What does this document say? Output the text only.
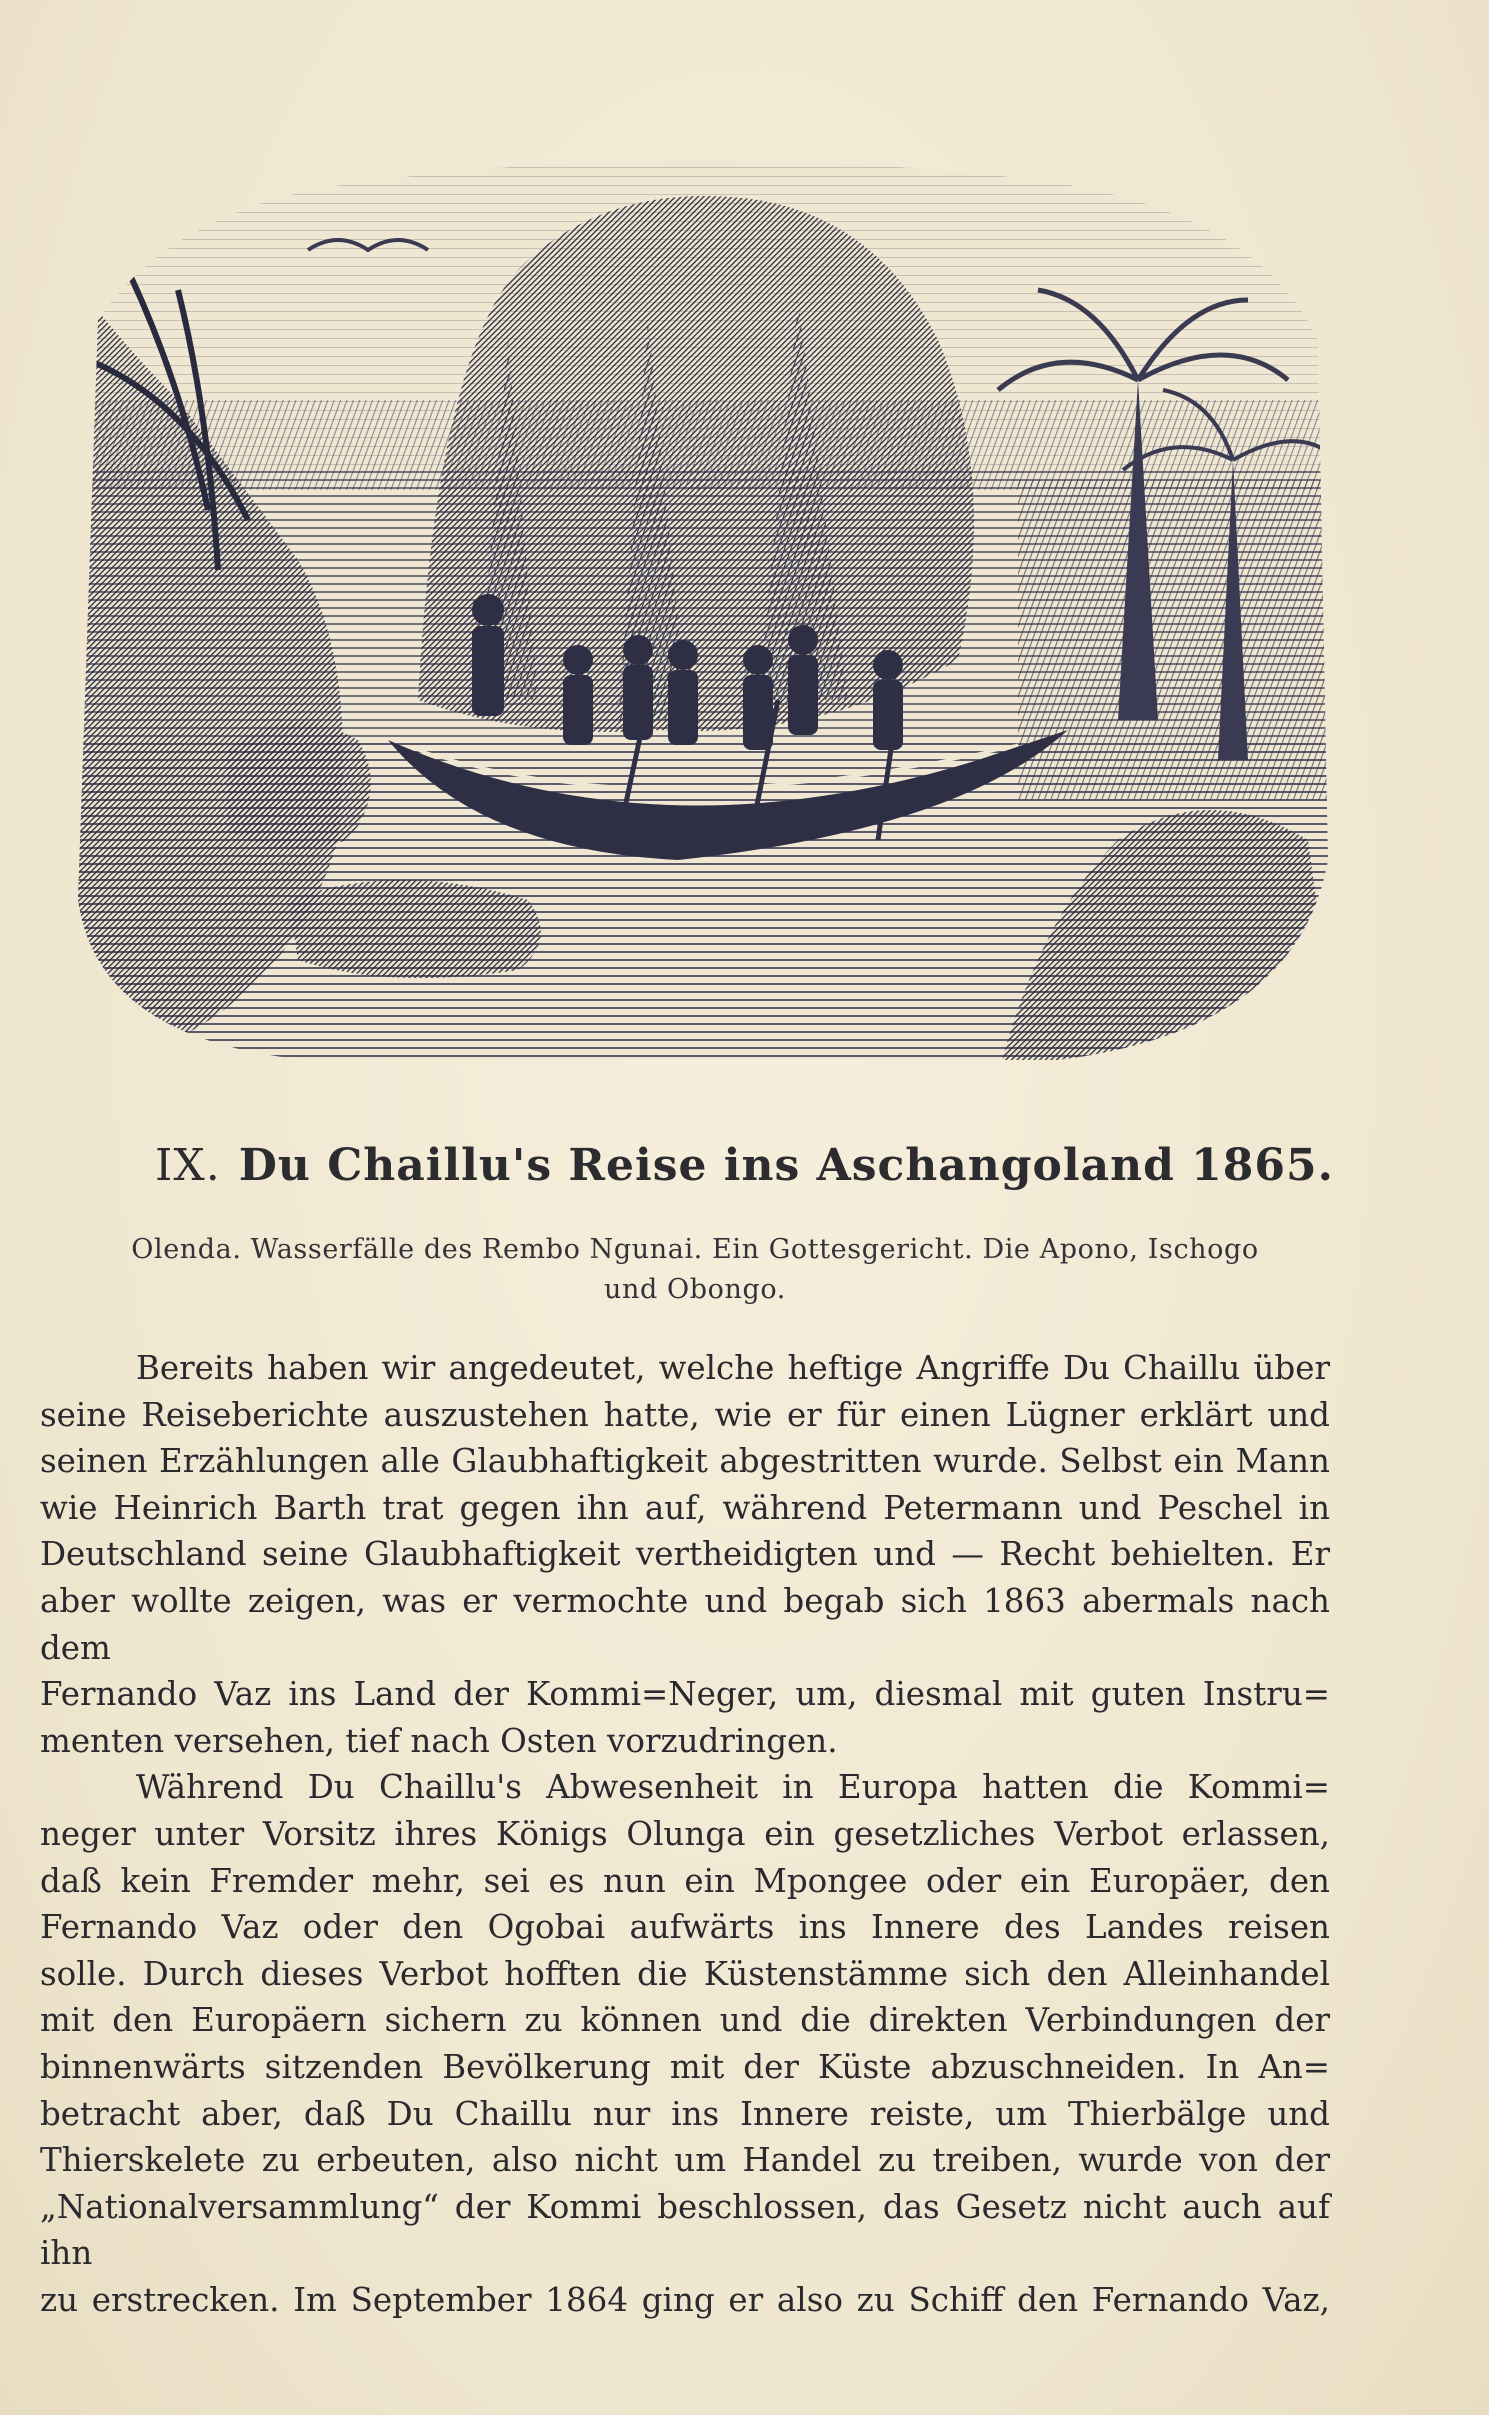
IX. Du Chaillu's Reise ins Aschangoland 1865.
Olenda. Wasserfälle des Rembo Ngunai. Ein Gottesgericht. Die Apono, Ischogo
und Obongo.

Bereits haben wir angedeutet, welche heftige Angriffe Du Chaillu über
seine Reiseberichte auszustehen hatte, wie er für einen Lügner erklärt und
seinen Erzählungen alle Glaubhaftigkeit abgestritten wurde. Selbst ein Mann
wie Heinrich Barth trat gegen ihn auf, während Petermann und Peschel in
Deutschland seine Glaubhaftigkeit vertheidigten und — Recht behielten. Er
aber wollte zeigen, was er vermochte und begab sich 1863 abermals nach dem
Fernando Vaz ins Land der Kommi=Neger, um, diesmal mit guten Instru=
menten versehen, tief nach Osten vorzudringen.

Während Du Chaillu's Abwesenheit in Europa hatten die Kommi=
neger unter Vorsitz ihres Königs Olunga ein gesetzliches Verbot erlassen,
daß kein Fremder mehr, sei es nun ein Mpongee oder ein Europäer, den
Fernando Vaz oder den Ogobai aufwärts ins Innere des Landes reisen
solle. Durch dieses Verbot hofften die Küstenstämme sich den Alleinhandel
mit den Europäern sichern zu können und die direkten Verbindungen der
binnenwärts sitzenden Bevölkerung mit der Küste abzuschneiden. In An=
betracht aber, daß Du Chaillu nur ins Innere reiste, um Thierbälge und
Thierskelete zu erbeuten, also nicht um Handel zu treiben, wurde von der
„Nationalversammlung“ der Kommi beschlossen, das Gesetz nicht auch auf ihn
zu erstrecken. Im September 1864 ging er also zu Schiff den Fernando Vaz,
